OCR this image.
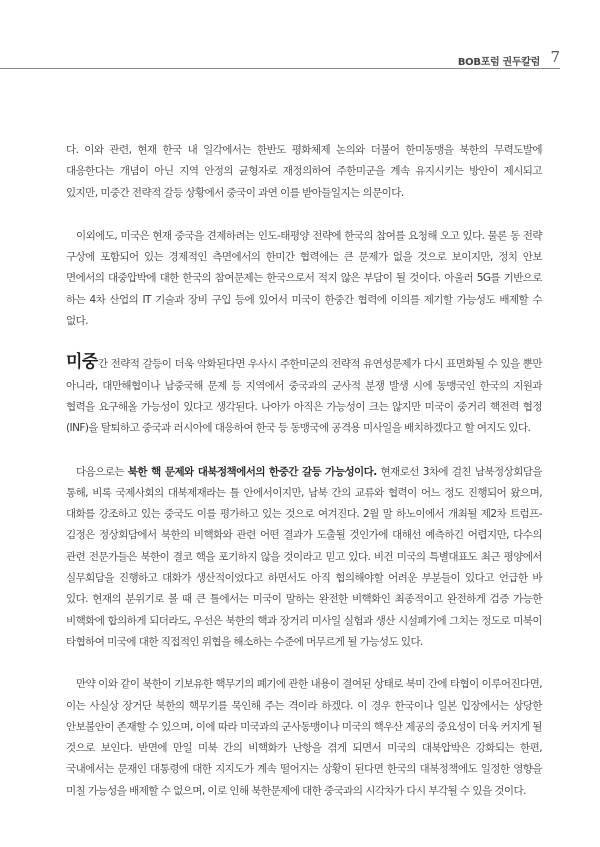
BOB포럼 권두칼럼 7

다. 이와 관련, 현재 한국 내 일각에서는 한반도 평화체제 논의와 더불어 한미동맹을 북한의 무력도발에 대응한다는 개념이 아닌 지역 안정의 균형자로 재정의하여 주한미군을 계속 유지시키는 방안이 제시되고 있지만, 미중간 전략적 갈등 상황에서 중국이 과연 이를 받아들일지는 의문이다.

이외에도, 미국은 현재 중국을 견제하려는 인도-태평양 전략에 한국의 참여를 요청해 오고 있다. 물론 동 전략 구상에 포함되어 있는 경제적인 측면에서의 한미간 협력에는 큰 문제가 없을 것으로 보이지만, 정치 안보 면에서의 대중압박에 대한 한국의 참여문제는 한국으로서 적지 않은 부담이 될 것이다. 아울러 5G를 기반으로 하는 4차 산업의 IT 기술과 장비 구입 등에 있어서 미국이 한중간 협력에 이의를 제기할 가능성도 배제할 수 없다.

미중간 전략적 갈등이 더욱 악화된다면 우사시 주한미군의 전략적 유연성문제가 다시 표면화될 수 있을 뿐만 아니라, 대만해협이나 남중국해 문제 등 지역에서 중국과의 군사적 분쟁 발생 시에 동맹국인 한국의 지원과 협력을 요구해올 가능성이 있다고 생각된다. 나아가 아직은 가능성이 크는 않지만 미국이 중거리 핵전력 협정(INF)을 탈퇴하고 중국과 러시아에 대응하여 한국 등 동맹국에 공격용 미사일을 배치하겠다고 할 여지도 있다.

다음으로는 북한 핵 문제와 대북정책에서의 한중간 갈등 가능성이다. 현재로선 3차에 걸친 남북정상회담을 통해, 비록 국제사회의 대북제재라는 틀 안에서이지만, 남북 간의 교류와 협력이 어느 정도 진행되어 왔으며, 대화를 강조하고 있는 중국도 이를 평가하고 있는 것으로 여겨진다. 2월 말 하노이에서 개최될 제2차 트럼프-김정은 정상회담에서 북한의 비핵화와 관련 어떤 결과가 도출될 것인가에 대해선 예측하긴 어렵지만, 다수의 관련 전문가들은 북한이 결코 핵을 포기하지 않을 것이라고 믿고 있다. 비건 미국의 특별대표도 최근 평양에서 실무회담을 진행하고 대화가 생산적이었다고 하면서도 아직 협의해야할 어려운 부분들이 있다고 언급한 바 있다. 현재의 분위기로 볼 때 큰 틀에서는 미국이 말하는 완전한 비핵화인 최종적이고 완전하게 검증 가능한 비핵화에 합의하게 되더라도, 우선은 북한의 핵과 장거리 미사일 실험과 생산 시설폐기에 그치는 정도로 미북이 타협하여 미국에 대한 직접적인 위협을 해소하는 수준에 머무르게 될 가능성도 있다.

만약 이와 같이 북한이 기보유한 핵무기의 폐기에 관한 내용이 결여된 상태로 북미 간에 타협이 이루어진다면, 이는 사실상 장거단 북한의 핵무기를 묵인해 주는 격이라 하겠다. 이 경우 한국이나 일본 입장에서는 상당한 안보불안이 존재할 수 있으며, 이에 따라 미국과의 군사동맹이나 미국의 핵우산 제공의 중요성이 더욱 커지게 될 것으로 보인다. 반면에 만일 미북 간의 비핵화가 난항을 겪게 되면서 미국의 대북압박은 강화되는 한편, 국내에서는 문재인 대통령에 대한 지지도가 계속 떨어지는 상황이 된다면 한국의 대북정책에도 일정한 영향을 미칠 가능성을 배제할 수 없으며, 이로 인해 북한문제에 대한 중국과의 시각차가 다시 부각될 수 있을 것이다.
